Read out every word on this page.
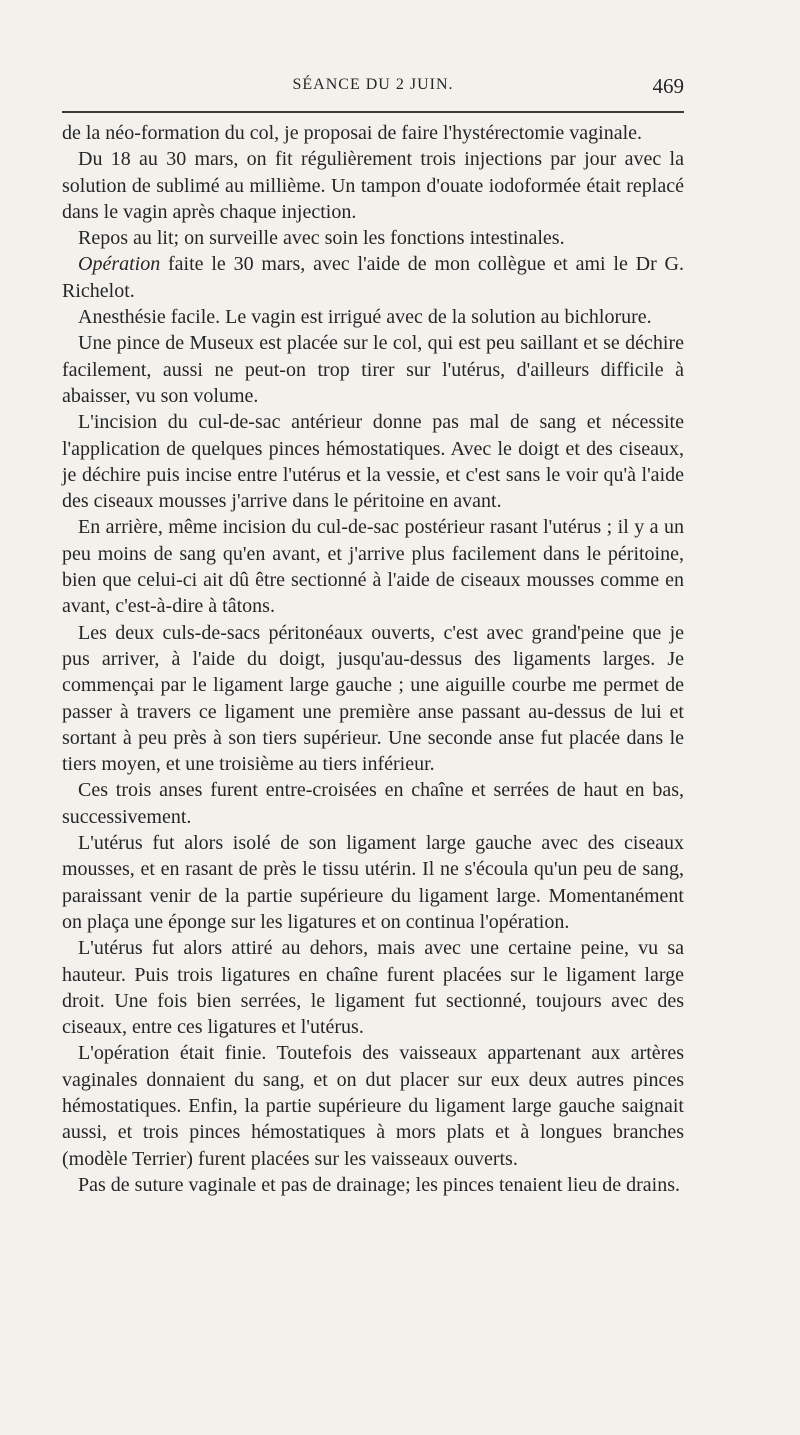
SÉANCE DU 2 JUIN.	469

de la néo-formation du col, je proposai de faire l'hystérectomie vaginale.

Du 18 au 30 mars, on fit régulièrement trois injections par jour avec la solution de sublimé au millième. Un tampon d'ouate iodoformée était replacé dans le vagin après chaque injection.

Repos au lit; on surveille avec soin les fonctions intestinales.

Opération faite le 30 mars, avec l'aide de mon collègue et ami le Dr G. Richelot.

Anesthésie facile. Le vagin est irrigué avec de la solution au bichlorure.

Une pince de Museux est placée sur le col, qui est peu saillant et se déchire facilement, aussi ne peut-on trop tirer sur l'utérus, d'ailleurs difficile à abaisser, vu son volume.

L'incision du cul-de-sac antérieur donne pas mal de sang et nécessite l'application de quelques pinces hémostatiques. Avec le doigt et des ciseaux, je déchire puis incise entre l'utérus et la vessie, et c'est sans le voir qu'à l'aide des ciseaux mousses j'arrive dans le péritoine en avant.

En arrière, même incision du cul-de-sac postérieur rasant l'utérus ; il y a un peu moins de sang qu'en avant, et j'arrive plus facilement dans le péritoine, bien que celui-ci ait dû être sectionné à l'aide de ciseaux mousses comme en avant, c'est-à-dire à tâtons.

Les deux culs-de-sacs péritonéaux ouverts, c'est avec grand'peine que je pus arriver, à l'aide du doigt, jusqu'au-dessus des ligaments larges. Je commençai par le ligament large gauche ; une aiguille courbe me permet de passer à travers ce ligament une première anse passant au-dessus de lui et sortant à peu près à son tiers supérieur. Une seconde anse fut placée dans le tiers moyen, et une troisième au tiers inférieur.

Ces trois anses furent entre-croisées en chaîne et serrées de haut en bas, successivement.

L'utérus fut alors isolé de son ligament large gauche avec des ciseaux mousses, et en rasant de près le tissu utérin. Il ne s'écoula qu'un peu de sang, paraissant venir de la partie supérieure du ligament large. Momentanément on plaça une éponge sur les ligatures et on continua l'opération.

L'utérus fut alors attiré au dehors, mais avec une certaine peine, vu sa hauteur. Puis trois ligatures en chaîne furent placées sur le ligament large droit. Une fois bien serrées, le ligament fut sectionné, toujours avec des ciseaux, entre ces ligatures et l'utérus.

L'opération était finie. Toutefois des vaisseaux appartenant aux artères vaginales donnaient du sang, et on dut placer sur eux deux autres pinces hémostatiques. Enfin, la partie supérieure du ligament large gauche saignait aussi, et trois pinces hémostatiques à mors plats et à longues branches (modèle Terrier) furent placées sur les vaisseaux ouverts.

Pas de suture vaginale et pas de drainage; les pinces tenaient lieu de drains.
